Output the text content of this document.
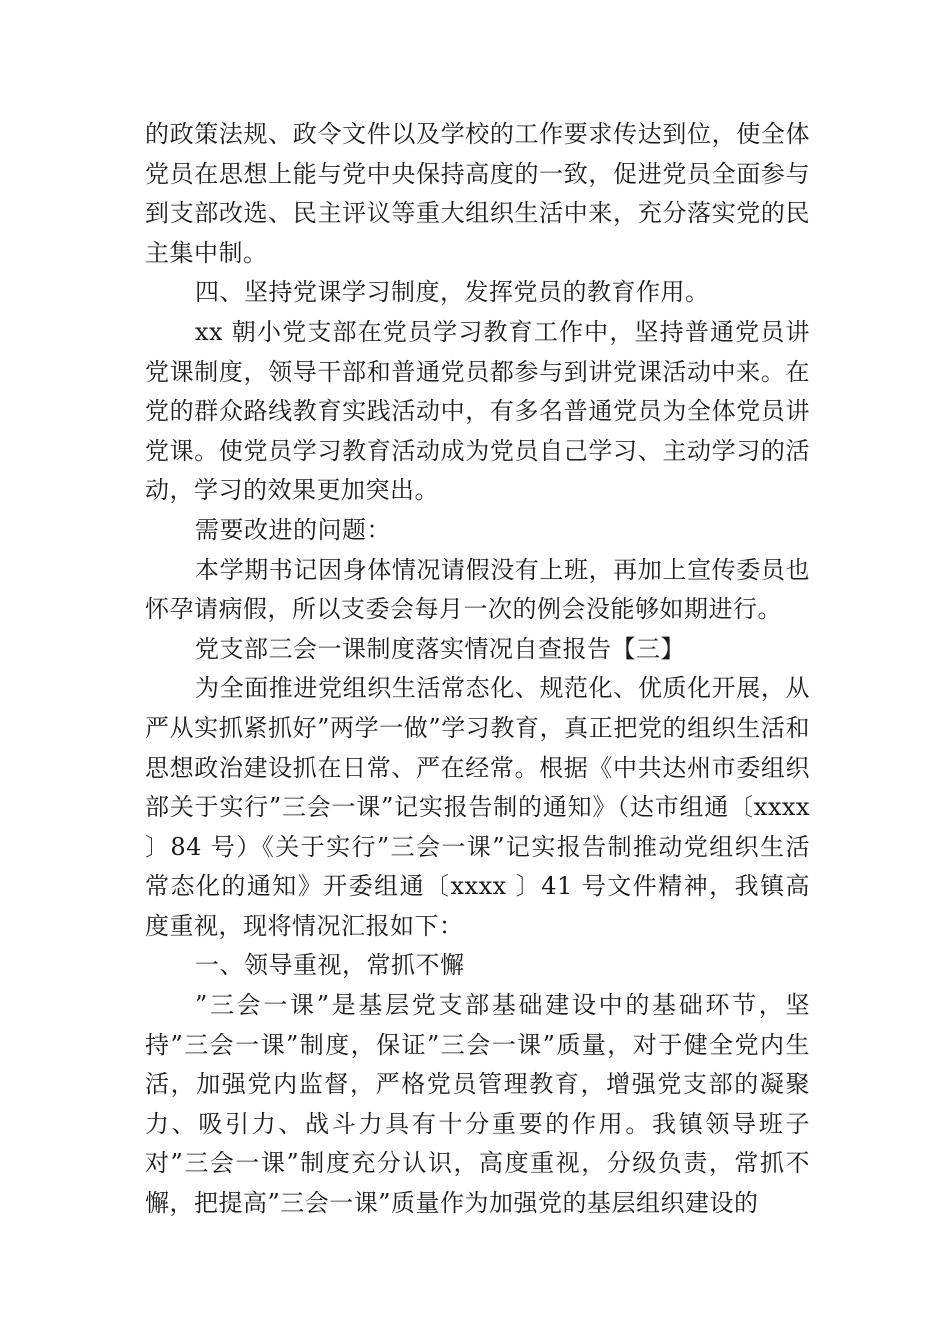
的政策法规、政令文件以及学校的工作要求传达到位，使全体党员在思想上能与党中央保持高度的一致，促进党员全面参与到支部改选、民主评议等重大组织生活中来，充分落实党的民主集中制。

四、坚持党课学习制度，发挥党员的教育作用。

xx 朝小党支部在党员学习教育工作中，坚持普通党员讲党课制度，领导干部和普通党员都参与到讲党课活动中来。在党的群众路线教育实践活动中，有多名普通党员为全体党员讲党课。使党员学习教育活动成为党员自己学习、主动学习的活动，学习的效果更加突出。

需要改进的问题：

本学期书记因身体情况请假没有上班，再加上宣传委员也怀孕请病假，所以支委会每月一次的例会没能够如期进行。

党支部三会一课制度落实情况自查报告【三】

为全面推进党组织生活常态化、规范化、优质化开展，从严从实抓紧抓好”两学一做”学习教育，真正把党的组织生活和思想政治建设抓在日常、严在经常。根据《中共达州市委组织部关于实行”三会一课”记实报告制的通知》（达市组通〔xxxx 〕84 号）《关于实行”三会一课”记实报告制推动党组织生活常态化的通知》开委组通〔xxxx 〕41 号文件精神，我镇高度重视，现将情况汇报如下：

一、领导重视，常抓不懈

”三会一课”是基层党支部基础建设中的基础环节，坚持”三会一课”制度，保证”三会一课”质量，对于健全党内生活，加强党内监督，严格党员管理教育，增强党支部的凝聚力、吸引力、战斗力具有十分重要的作用。我镇领导班子对”三会一课”制度充分认识，高度重视，分级负责，常抓不懈，把提高”三会一课”质量作为加强党的基层组织建设的
